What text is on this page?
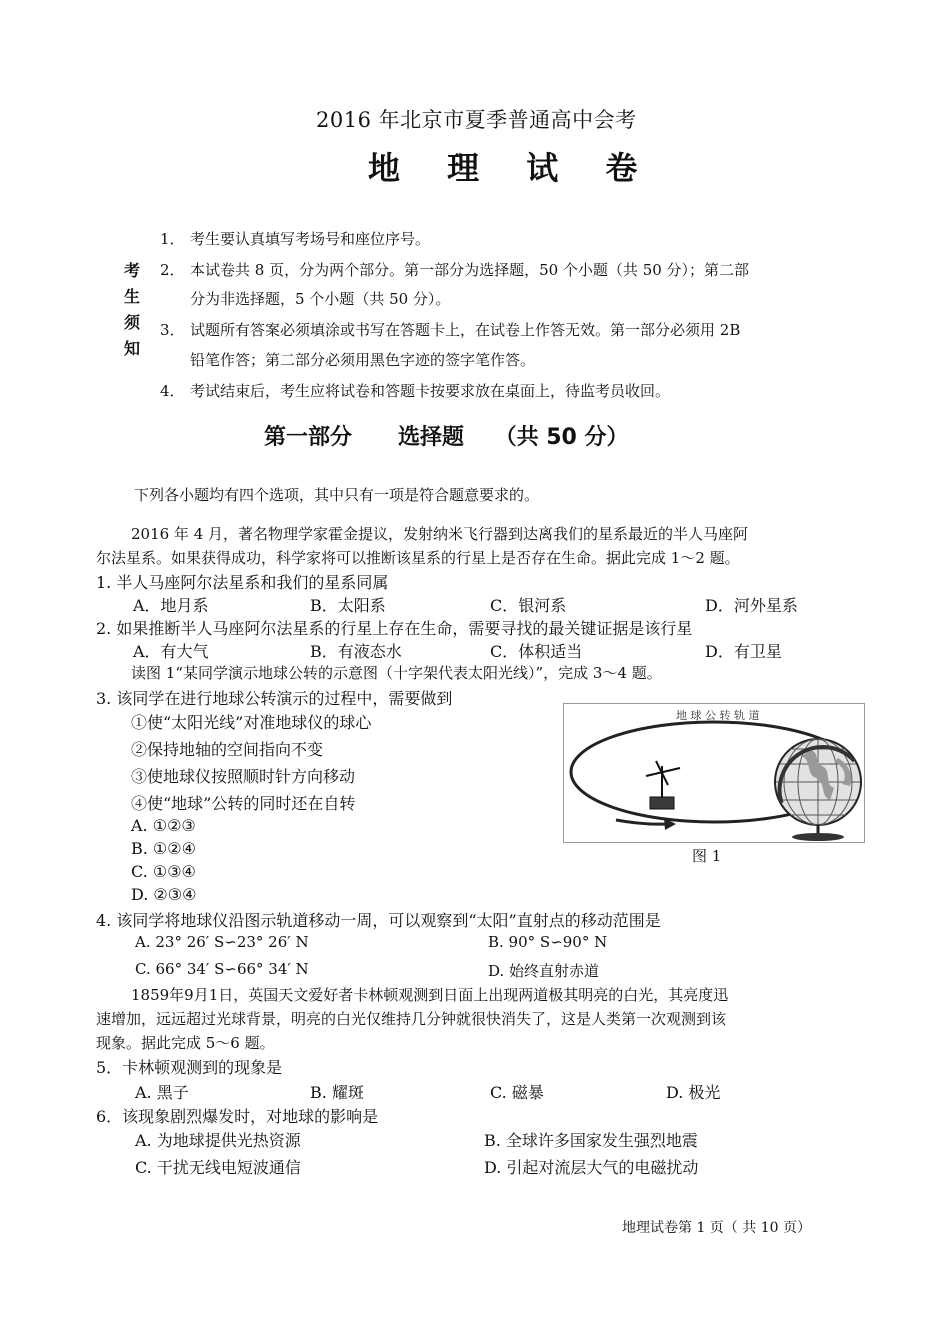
2016 年北京市夏季普通高中会考
地 理 试 卷
考
生
须
知
1． 考生要认真填写考场号和座位序号。
2． 本试卷共 8 页，分为两个部分。第一部分为选择题，50 个小题（共 50 分）；第二部
分为非选择题，5 个小题（共 50 分）。
3． 试题所有答案必须填涂或书写在答题卡上，在试卷上作答无效。第一部分必须用 2B
铅笔作答；第二部分必须用黑色字迹的签字笔作答。
4． 考试结束后，考生应将试卷和答题卡按要求放在桌面上，待监考员收回。
第一部分      选择题    （共 50 分）
下列各小题均有四个选项，其中只有一项是符合题意要求的。
2016 年 4 月，著名物理学家霍金提议，发射纳米飞行器到达离我们的星系最近的半人马座阿
尔法星系。如果获得成功，科学家将可以推断该星系的行星上是否存在生命。据此完成 1～2 题。
1. 半人马座阿尔法星系和我们的星系同属
A．地月系	B．太阳系	C．银河系	D．河外星系
2. 如果推断半人马座阿尔法星系的行星上存在生命，需要寻找的最关键证据是该行星
A．有大气	B．有液态水	C．体积适当	D．有卫星
读图 1“某同学演示地球公转的示意图（十字架代表太阳光线）”，完成 3～4 题。
3. 该同学在进行地球公转演示的过程中，需要做到
①使“太阳光线”对准地球仪的球心
②保持地轴的空间指向不变
③使地球仪按照顺时针方向移动
④使“地球”公转的同时还在自转
A. ①②③
B. ①②④
C. ①③④
D. ②③④
地 球 公 转 轨 道
图 1
4. 该同学将地球仪沿图示轨道移动一周，可以观察到“太阳”直射点的移动范围是
A. 23° 26′ S∽23° 26′ N	B. 90° S∽90° N
C. 66° 34′ S∽66° 34′ N	D. 始终直射赤道
1859年9月1日，英国天文爱好者卡林顿观测到日面上出现两道极其明亮的白光，其亮度迅
速增加，远远超过光球背景，明亮的白光仅维持几分钟就很快消失了，这是人类第一次观测到该
现象。据此完成 5～6 题。
5．卡林顿观测到的现象是
A. 黑子	B. 耀斑	C. 磁暴	D. 极光
6．该现象剧烈爆发时，对地球的影响是
A. 为地球提供光热资源	B. 全球许多国家发生强烈地震
C. 干扰无线电短波通信	D. 引起对流层大气的电磁扰动
地理试卷第 1 页（ 共 10 页）
